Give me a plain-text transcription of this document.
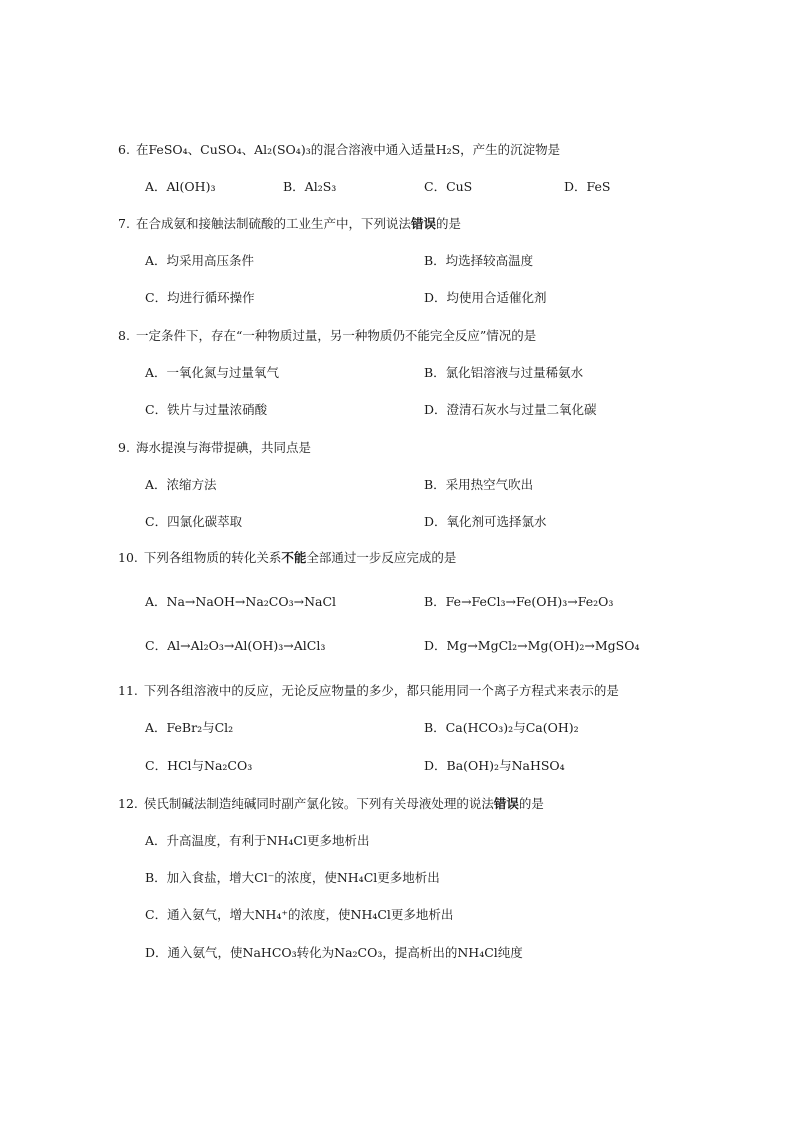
6. 在FeSO₄、CuSO₄、Al₂(SO₄)₃的混合溶液中通入适量H₂S，产生的沉淀物是
A．Al(OH)₃	B．Al₂S₃	C．CuS	D．FeS
7. 在合成氨和接触法制硫酸的工业生产中，下列说法错误的是
A．均采用高压条件	B．均选择较高温度
C．均进行循环操作	D．均使用合适催化剂
8. 一定条件下，存在“一种物质过量，另一种物质仍不能完全反应”情况的是
A．一氧化氮与过量氧气	B．氯化铝溶液与过量稀氨水
C．铁片与过量浓硝酸	D．澄清石灰水与过量二氧化碳
9. 海水提溴与海带提碘，共同点是
A．浓缩方法	B．采用热空气吹出
C．四氯化碳萃取	D．氧化剂可选择氯水
10. 下列各组物质的转化关系不能全部通过一步反应完成的是
A．Na→NaOH→Na₂CO₃→NaCl	B．Fe→FeCl₃→Fe(OH)₃→Fe₂O₃
C．Al→Al₂O₃→Al(OH)₃→AlCl₃	D．Mg→MgCl₂→Mg(OH)₂→MgSO₄
11. 下列各组溶液中的反应，无论反应物量的多少，都只能用同一个离子方程式来表示的是
A．FeBr₂与Cl₂	B．Ca(HCO₃)₂与Ca(OH)₂
C．HCl与Na₂CO₃	D．Ba(OH)₂与NaHSO₄
12. 侯氏制碱法制造纯碱同时副产氯化铵。下列有关母液处理的说法错误的是
A．升高温度，有利于NH₄Cl更多地析出
B．加入食盐，增大Cl⁻的浓度，使NH₄Cl更多地析出
C．通入氨气，增大NH₄⁺的浓度，使NH₄Cl更多地析出
D．通入氨气，使NaHCO₃转化为Na₂CO₃，提高析出的NH₄Cl纯度
